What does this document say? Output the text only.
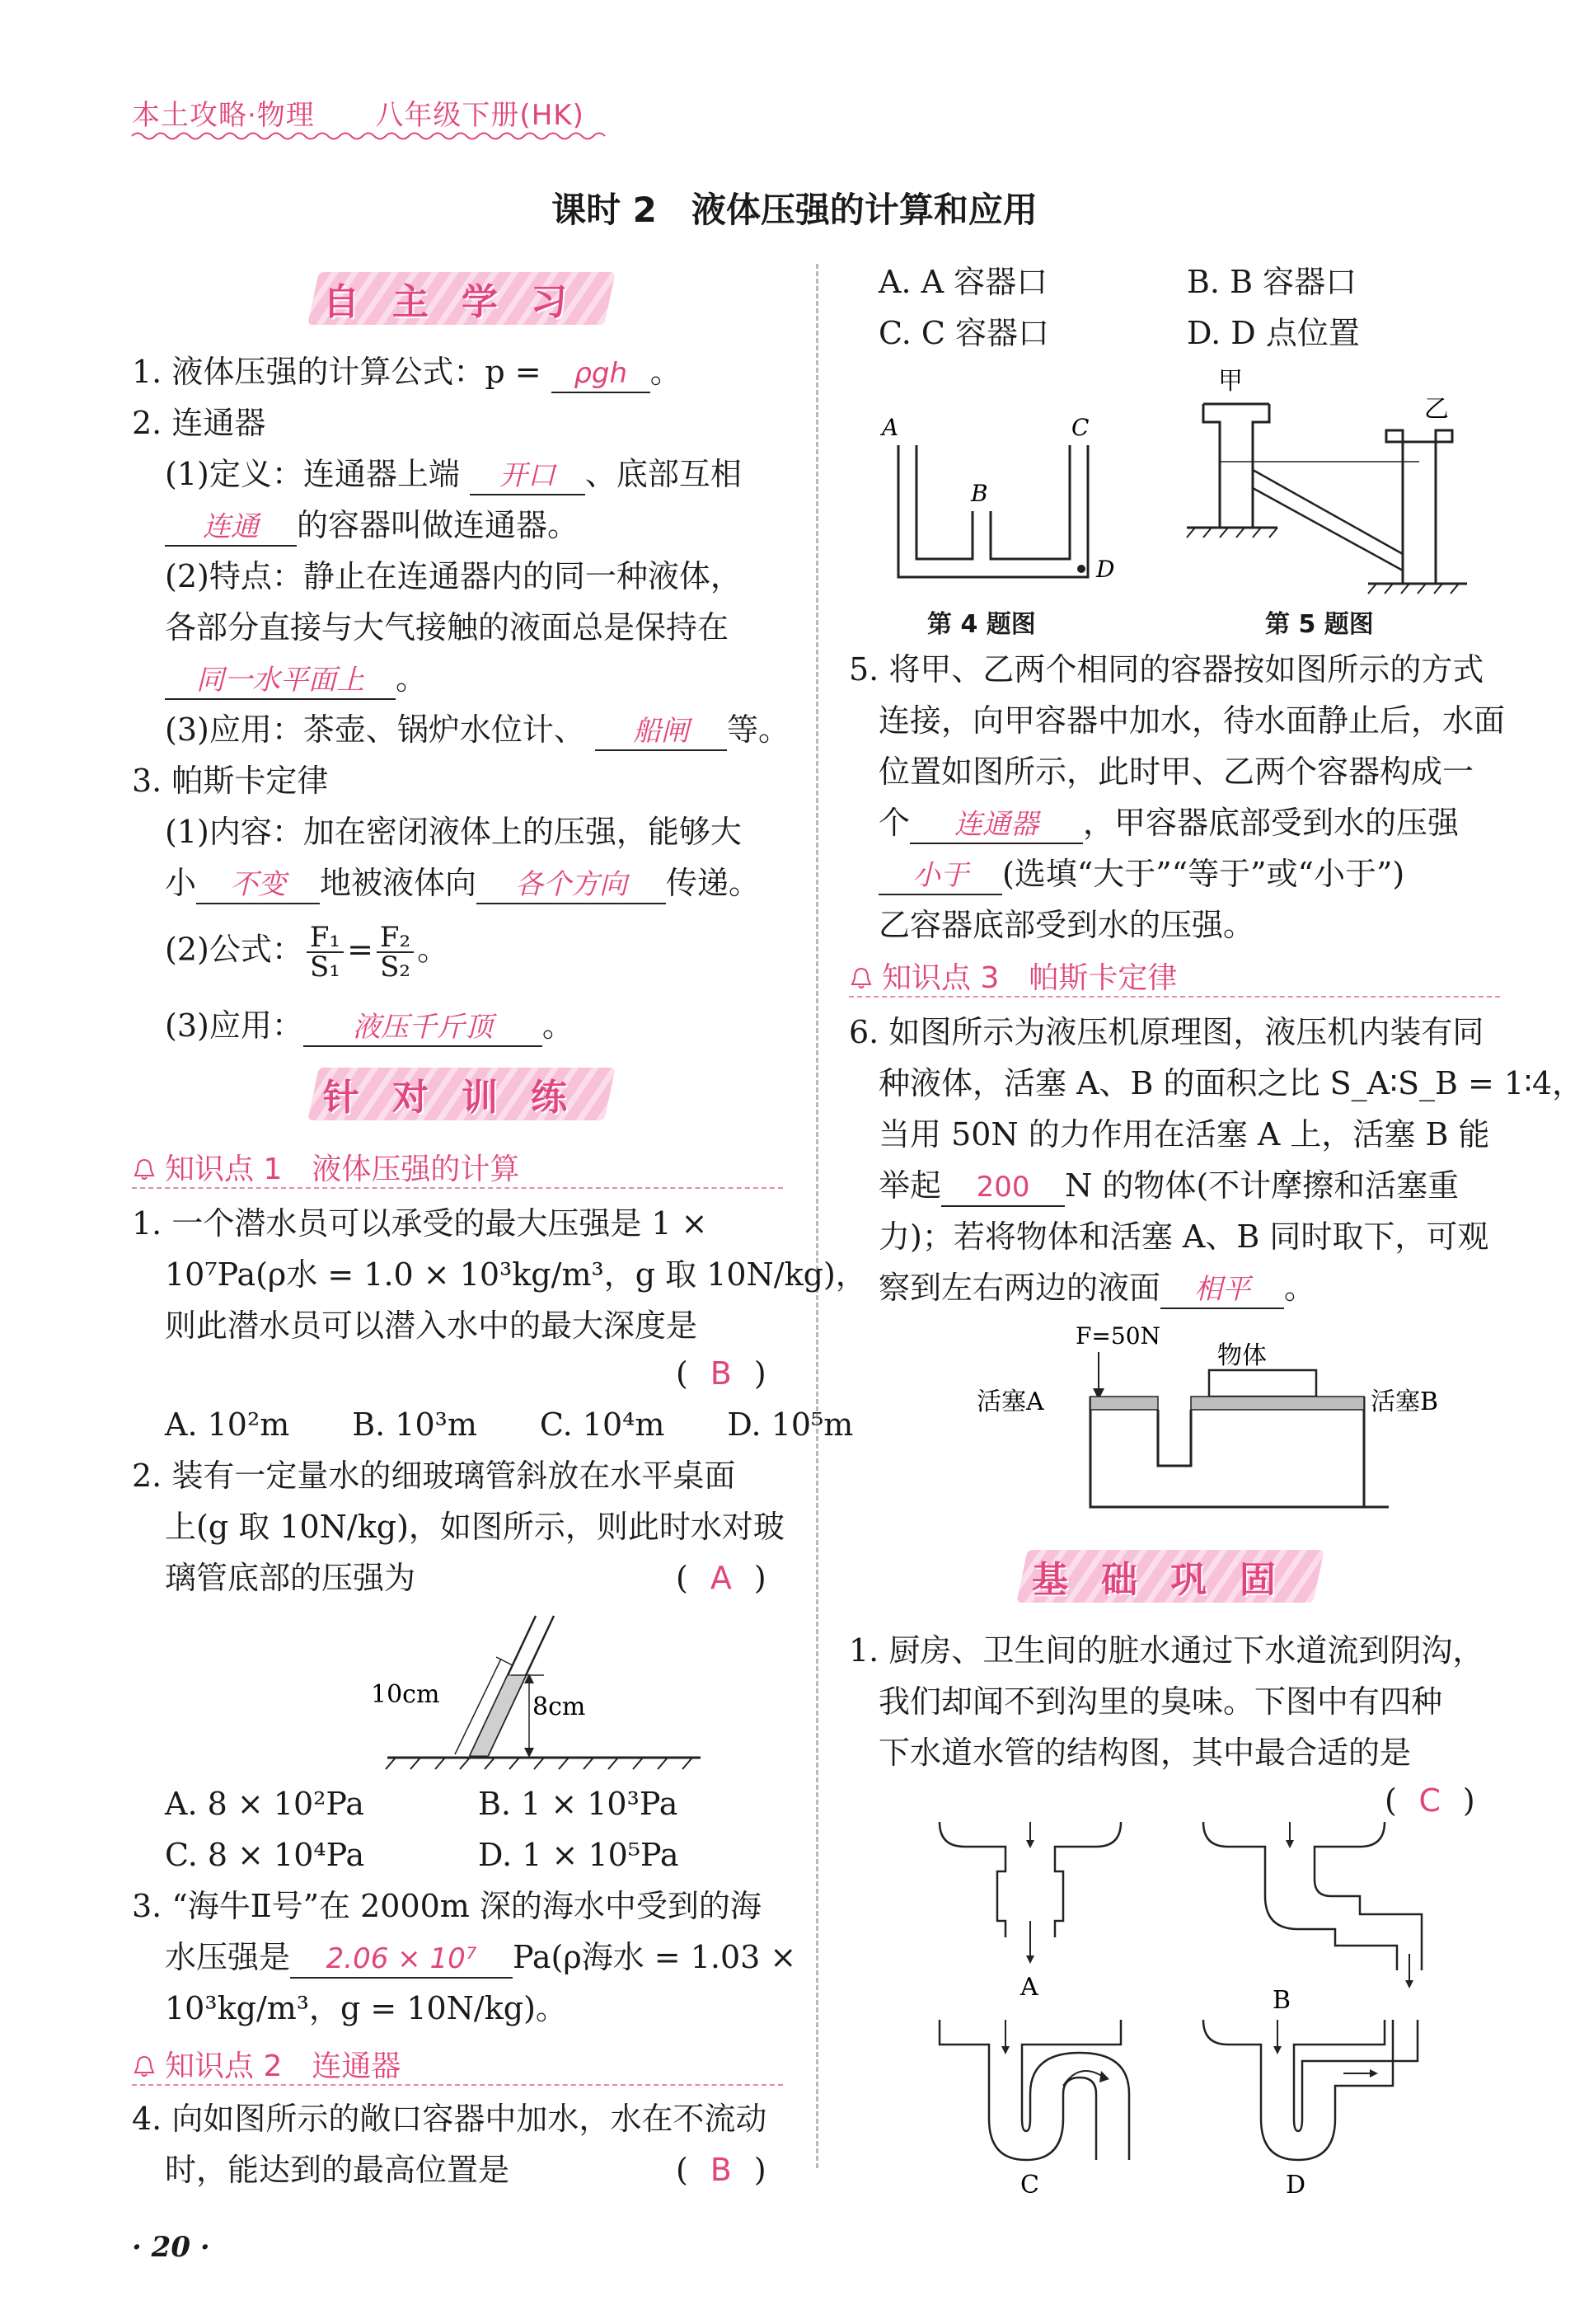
本土攻略·物理 八年级下册(HK)
课时 2　液体压强的计算和应用
自主学习
1. 液体压强的计算公式：p = ρgh 。
2. 连通器
(1)定义：连通器上端 开口 、底部互相
连通 的容器叫做连通器。
(2)特点：静止在连通器内的同一种液体，
各部分直接与大气接触的液面总是保持在
同一水平面上 。
(3)应用：茶壶、锅炉水位计、 船闸 等。
3. 帕斯卡定律
(1)内容：加在密闭液体上的压强，能够大
小 不变 地被液体向 各个方向 传递。
(2)公式： $\frac{\text{F₁}}{\text{S₁}} = \frac{\text{F₂}}{\text{S₂}}$ 。
(3)应用： 液压千斤顶 。
针对训练
知识点 1　液体压强的计算
1. 一个潜水员可以承受的最大压强是 1 ×
10⁷Pa(ρ水 = 1.0 × 10³kg/m³，g 取 10N/kg)，
则此潜水员可以潜入水中的最大深度是
( B )
A. 10²m　　B. 10³m　　C. 10⁴m　　D. 10⁵m
2. 装有一定量水的细玻璃管斜放在水平桌面
上(g 取 10N/kg)，如图所示，则此时水对玻
璃管底部的压强为	( A )
10cm	8cm
A. 8 × 10²Pa	B. 1 × 10³Pa
C. 8 × 10⁴Pa	D. 1 × 10⁵Pa
3. “海牛Ⅱ号”在 2000m 深的海水中受到的海
水压强是 2.06 × 10⁷ Pa(ρ海水 = 1.03 ×
10³kg/m³，g = 10N/kg)。
知识点 2　连通器
4. 向如图所示的敞口容器中加水，水在不流动
时，能达到的最高位置是	( B )
· 20 ·
A. A 容器口	B. B 容器口
C. C 容器口	D. D 点位置
A
B
C
D
第 4 题图
甲
乙
第 5 题图
5. 将甲、乙两个相同的容器按如图所示的方式
连接，向甲容器中加水，待水面静止后，水面
位置如图所示，此时甲、乙两个容器构成一
个 连通器 ，甲容器底部受到水的压强
小于 (选填“大于”“等于”或“小于”)
乙容器底部受到水的压强。
知识点 3　帕斯卡定律
6. 如图所示为液压机原理图，液压机内装有同
种液体，活塞 A、B 的面积之比 S_A∶S_B = 1∶4，
当用 50N 的力作用在活塞 A 上，活塞 B 能
举起 200 N 的物体(不计摩擦和活塞重
力)；若将物体和活塞 A、B 同时取下，可观
察到左右两边的液面 相平 。
F=50N
物体
活塞A	活塞B
基础巩固
1. 厨房、卫生间的脏水通过下水道流到阴沟，
我们却闻不到沟里的臭味。下图中有四种
下水道水管的结构图，其中最合适的是
( C )
A	B
C	D
